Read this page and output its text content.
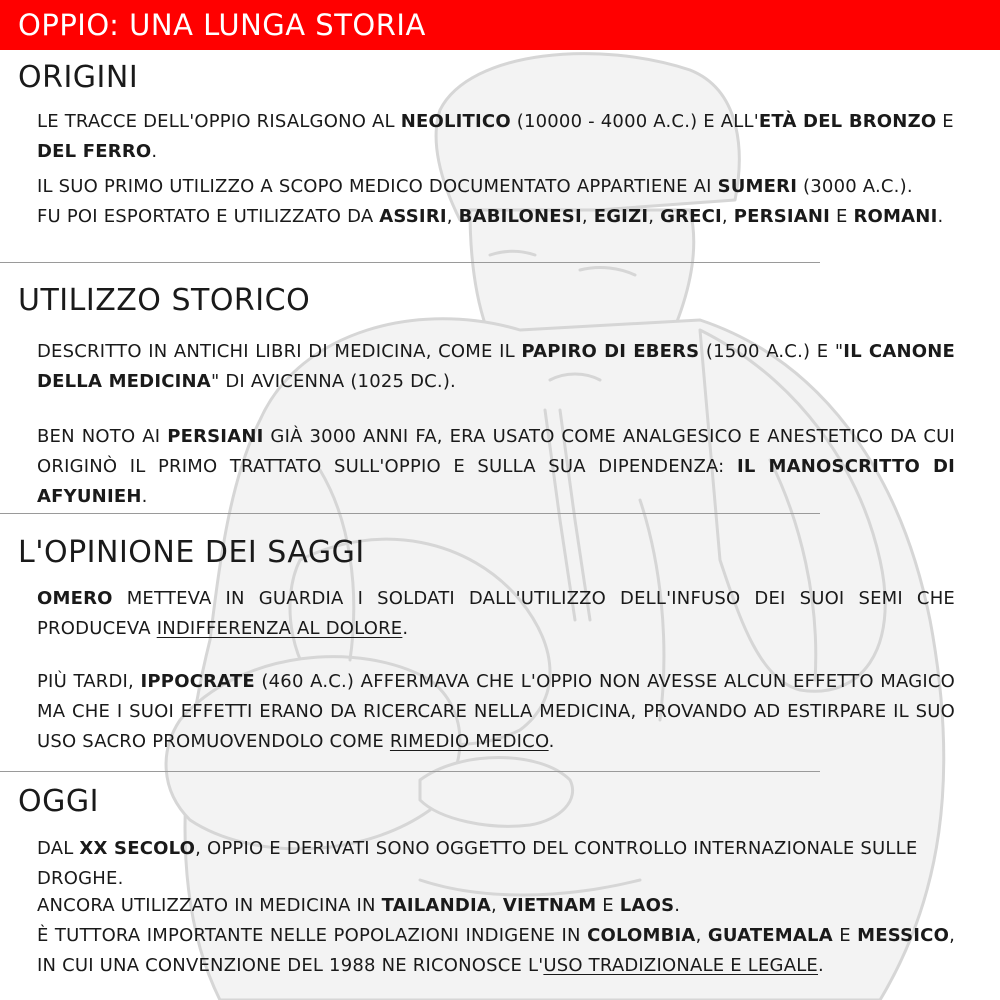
OPPIO: UNA LUNGA STORIA
ORIGINI

LE TRACCE DELL'OPPIO RISALGONO AL NEOLITICO (10000 - 4000 A.C.) E ALL'ETÀ DEL BRONZO E DEL FERRO.

IL SUO PRIMO UTILIZZO A SCOPO MEDICO DOCUMENTATO APPARTIENE AI SUMERI (3000 A.C.).

FU POI ESPORTATO E UTILIZZATO DA ASSIRI, BABILONESI, EGIZI, GRECI, PERSIANI E ROMANI.

UTILIZZO STORICO

DESCRITTO IN ANTICHI LIBRI DI MEDICINA, COME IL PAPIRO DI EBERS (1500 A.C.) E "IL CANONE DELLA MEDICINA" DI AVICENNA (1025 DC.).

BEN NOTO AI PERSIANI GIÀ 3000 ANNI FA, ERA USATO COME ANALGESICO E ANESTETICO DA CUI ORIGINÒ IL PRIMO TRATTATO SULL'OPPIO E SULLA SUA DIPENDENZA: IL MANOSCRITTO DI AFYUNIEH.

L'OPINIONE DEI SAGGI

OMERO METTEVA IN GUARDIA I SOLDATI DALL'UTILIZZO DELL'INFUSO DEI SUOI SEMI CHE PRODUCEVA INDIFFERENZA AL DOLORE.

PIÙ TARDI, IPPOCRATE (460 A.C.) AFFERMAVA CHE L'OPPIO NON AVESSE ALCUN EFFETTO MAGICO MA CHE I SUOI EFFETTI ERANO DA RICERCARE NELLA MEDICINA, PROVANDO AD ESTIRPARE IL SUO USO SACRO PROMUOVENDOLO COME RIMEDIO MEDICO.

OGGI

DAL XX SECOLO, OPPIO E DERIVATI SONO OGGETTO DEL CONTROLLO INTERNAZIONALE SULLE DROGHE.

ANCORA UTILIZZATO IN MEDICINA IN TAILANDIA, VIETNAM E LAOS.

È TUTTORA IMPORTANTE NELLE POPOLAZIONI INDIGENE IN COLOMBIA, GUATEMALA E MESSICO, IN CUI UNA CONVENZIONE DEL 1988 NE RICONOSCE L'USO TRADIZIONALE E LEGALE.
